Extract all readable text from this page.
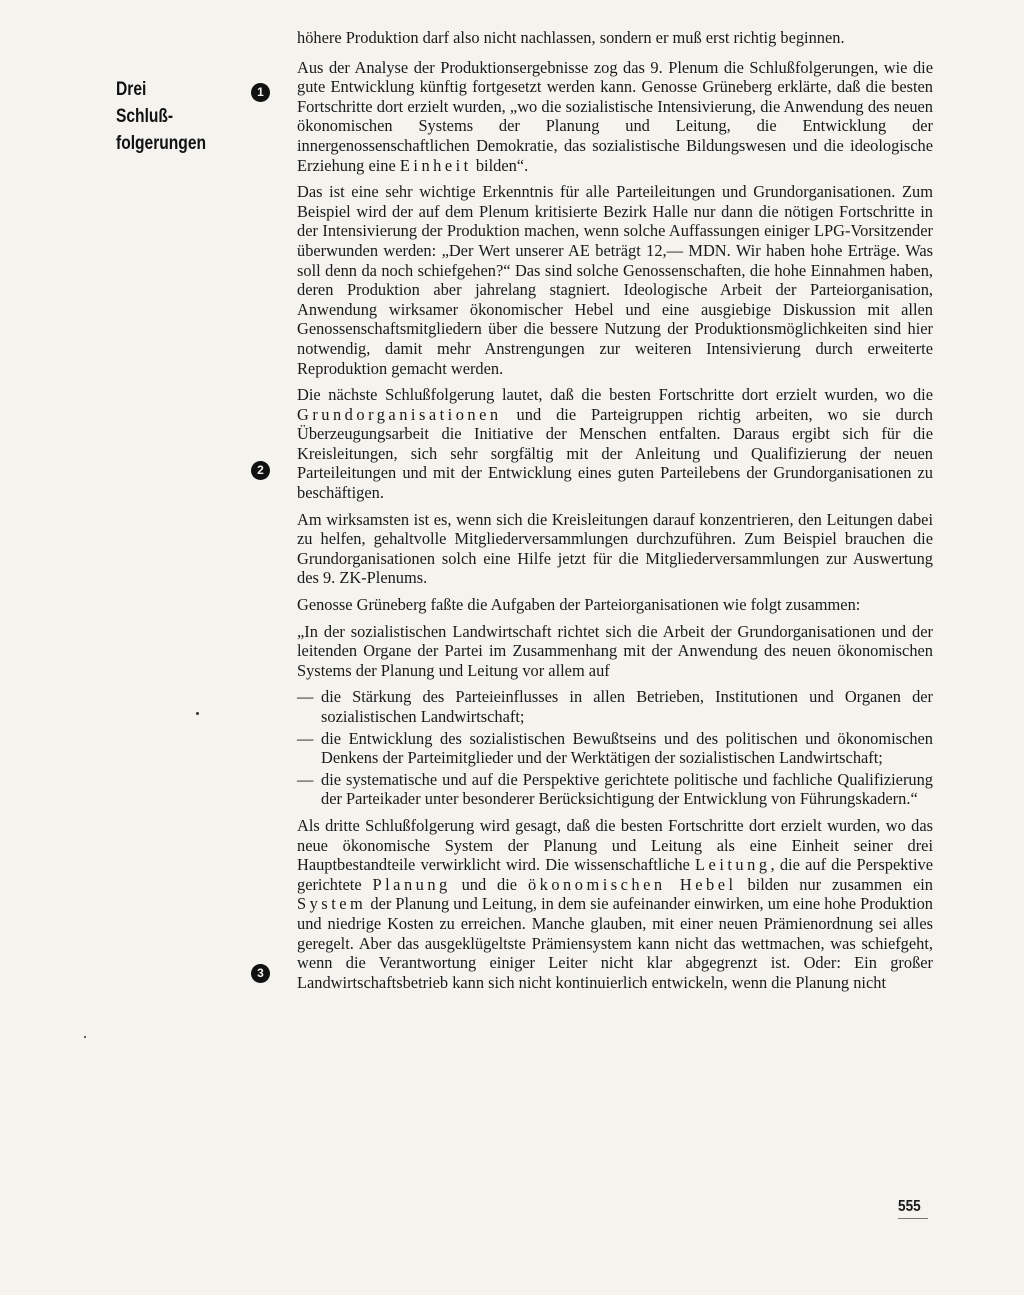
Drei
Schluß-
folgerungen
1
2
3

höhere Produktion darf also nicht nachlassen, sondern er muß erst richtig beginnen.

Aus der Analyse der Produktionsergebnisse zog das 9. Plenum die Schlußfolgerungen, wie die gute Entwicklung künftig fortgesetzt werden kann. Genosse Grüneberg erklärte, daß die besten Fortschritte dort erzielt wurden, „wo die sozialistische Intensivierung, die Anwendung des neuen ökonomischen Systems der Planung und Leitung, die Entwicklung der innergenossenschaftlichen Demokratie, das sozialistische Bildungswesen und die ideologische Erziehung eine Einheit bilden“.

Das ist eine sehr wichtige Erkenntnis für alle Parteileitungen und Grundorganisationen. Zum Beispiel wird der auf dem Plenum kritisierte Bezirk Halle nur dann die nötigen Fortschritte in der Intensivierung der Produktion machen, wenn solche Auffassungen einiger LPG-Vorsitzender überwunden werden: „Der Wert unserer AE beträgt 12,— MDN. Wir haben hohe Erträge. Was soll denn da noch schiefgehen?“ Das sind solche Genossenschaften, die hohe Einnahmen haben, deren Produktion aber jahrelang stagniert. Ideologische Arbeit der Parteiorganisation, Anwendung wirksamer ökonomischer Hebel und eine ausgiebige Diskussion mit allen Genossenschaftsmitgliedern über die bessere Nutzung der Produktionsmöglichkeiten sind hier notwendig, damit mehr Anstrengungen zur weiteren Intensivierung durch erweiterte Reproduktion gemacht werden.

Die nächste Schlußfolgerung lautet, daß die besten Fortschritte dort erzielt wurden, wo die Grundorganisationen und die Parteigruppen richtig arbeiten, wo sie durch Überzeugungsarbeit die Initiative der Menschen entfalten. Daraus ergibt sich für die Kreisleitungen, sich sehr sorgfältig mit der Anleitung und Qualifizierung der neuen Parteileitungen und mit der Entwicklung eines guten Parteilebens der Grundorganisationen zu beschäftigen.

Am wirksamsten ist es, wenn sich die Kreisleitungen darauf konzentrieren, den Leitungen dabei zu helfen, gehaltvolle Mitgliederversammlungen durchzuführen. Zum Beispiel brauchen die Grundorganisationen solch eine Hilfe jetzt für die Mitgliederversammlungen zur Auswertung des 9. ZK-Plenums.

Genosse Grüneberg faßte die Aufgaben der Parteiorganisationen wie folgt zusammen:

„In der sozialistischen Landwirtschaft richtet sich die Arbeit der Grundorganisationen und der leitenden Organe der Partei im Zusammenhang mit der Anwendung des neuen ökonomischen Systems der Planung und Leitung vor allem auf

— die Stärkung des Parteieinflusses in allen Betrieben, Institutionen und Organen der sozialistischen Landwirtschaft;
— die Entwicklung des sozialistischen Bewußtseins und des politischen und ökonomischen Denkens der Parteimitglieder und der Werktätigen der sozialistischen Landwirtschaft;
— die systematische und auf die Perspektive gerichtete politische und fachliche Qualifizierung der Parteikader unter besonderer Berücksichtigung der Entwicklung von Führungskadern.“

Als dritte Schlußfolgerung wird gesagt, daß die besten Fortschritte dort erzielt wurden, wo das neue ökonomische System der Planung und Leitung als eine Einheit seiner drei Hauptbestandteile verwirklicht wird. Die wissenschaftliche Leitung, die auf die Perspektive gerichtete Planung und die ökonomischen Hebel bilden nur zusammen ein System der Planung und Leitung, in dem sie aufeinander einwirken, um eine hohe Produktion und niedrige Kosten zu erreichen. Manche glauben, mit einer neuen Prämienordnung sei alles geregelt. Aber das ausgeklügeltste Prämiensystem kann nicht das wettmachen, was schiefgeht, wenn die Verantwortung einiger Leiter nicht klar abgegrenzt ist. Oder: Ein großer Landwirtschaftsbetrieb kann sich nicht kontinuierlich entwickeln, wenn die Planung nicht

555
